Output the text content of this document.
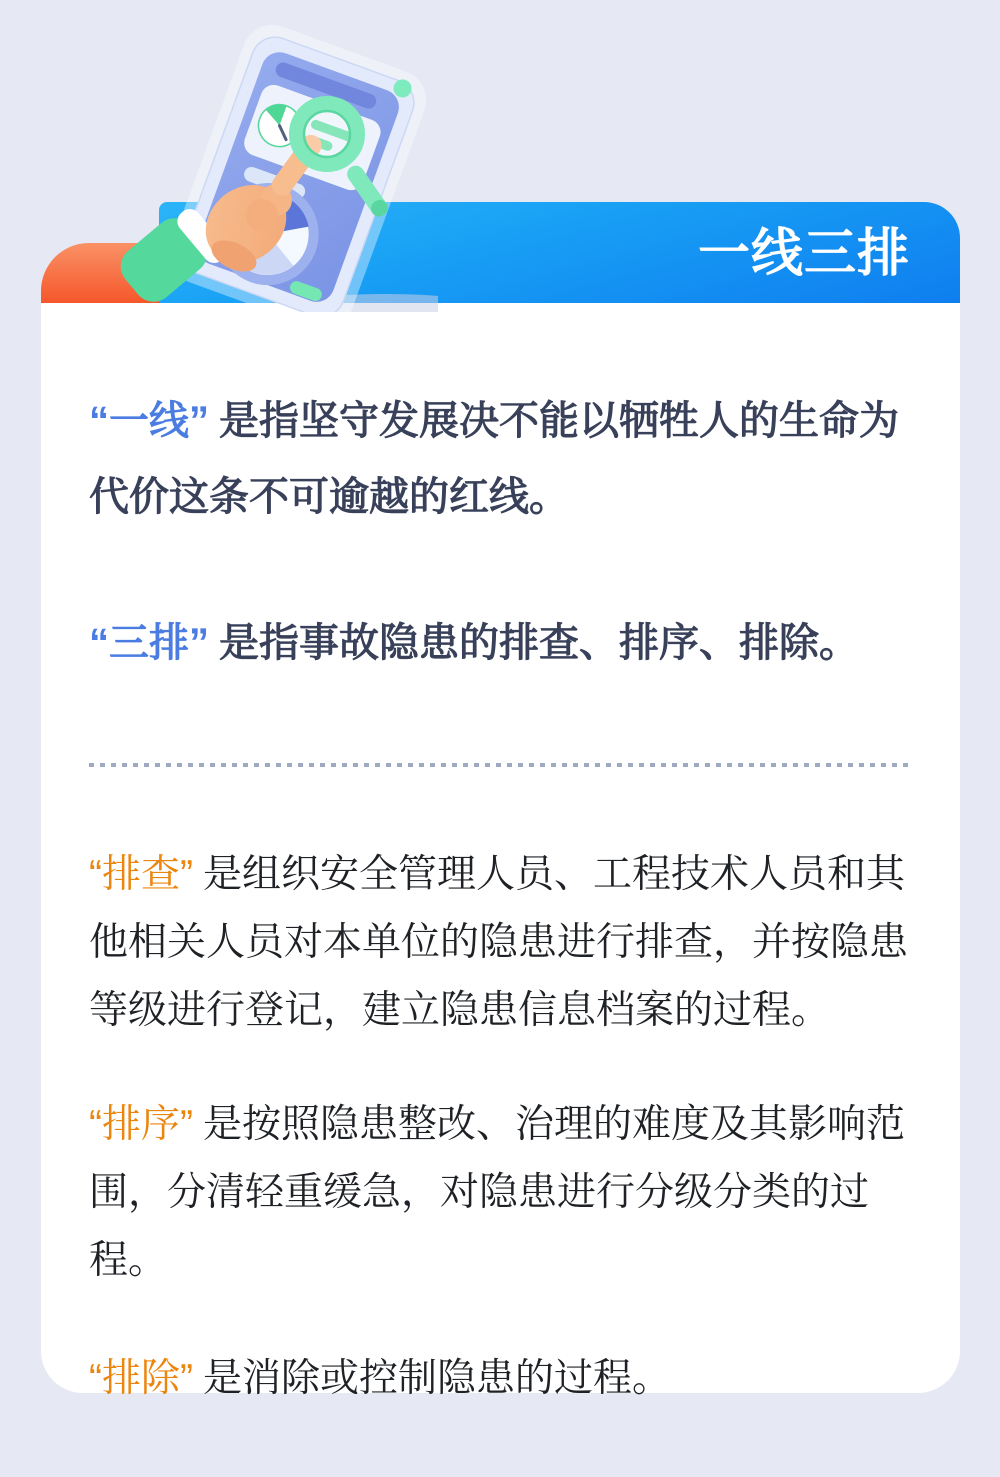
一线三排

“一线” 是指坚守发展决不能以牺牲人的生命为代价这条不可逾越的红线。

“三排” 是指事故隐患的排查、排序、排除。

“排查” 是组织安全管理人员、工程技术人员和其他相关人员对本单位的隐患进行排查，并按隐患等级进行登记，建立隐患信息档案的过程。

“排序” 是按照隐患整改、治理的难度及其影响范围，分清轻重缓急，对隐患进行分级分类的过程。

“排除” 是消除或控制隐患的过程。
